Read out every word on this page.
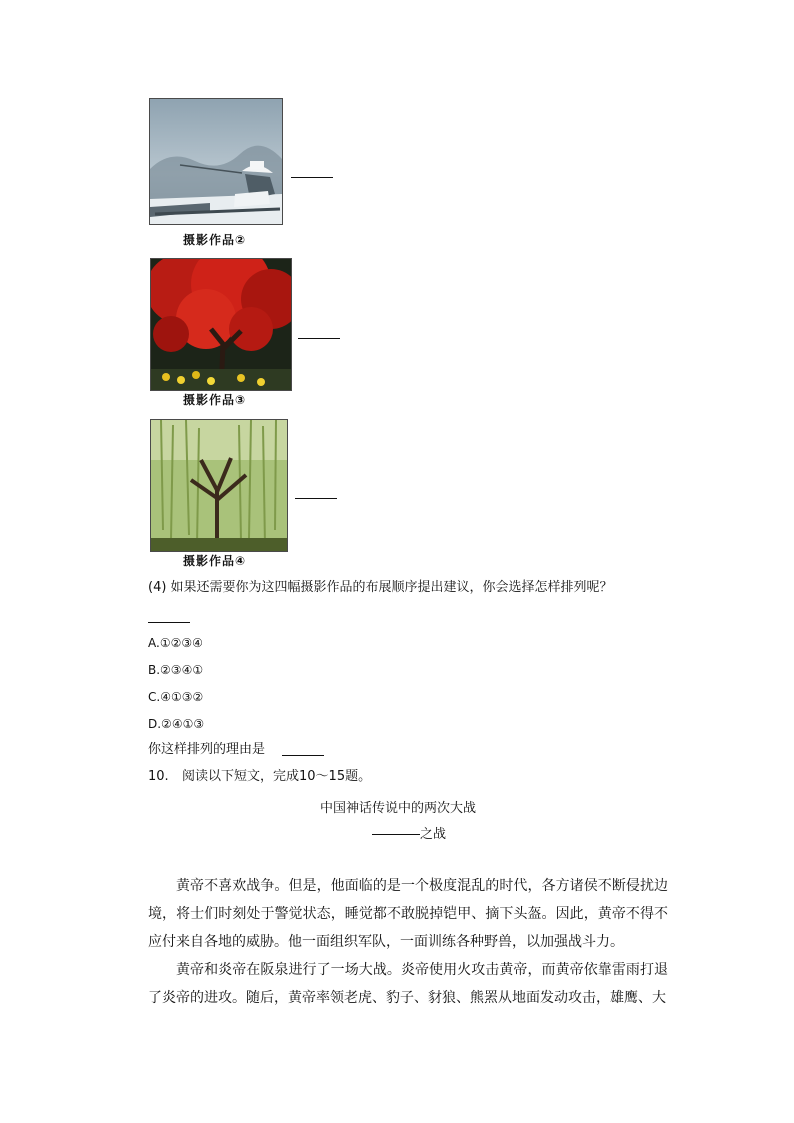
摄影作品②
摄影作品③
摄影作品④
(4) 如果还需要你为这四幅摄影作品的布展顺序提出建议，你会选择怎样排列呢？
A.①②③④
B.②③④①
C.④①③②
D.②④①③
你这样排列的理由是
10. 阅读以下短文，完成10～15题。
中国神话传说中的两次大战
之战
黄帝不喜欢战争。但是，他面临的是一个极度混乱的时代，各方诸侯不断侵扰边境，将士们时刻处于警觉状态，睡觉都不敢脱掉铠甲、摘下头盔。因此，黄帝不得不应付来自各地的威胁。他一面组织军队，一面训练各种野兽，以加强战斗力。
黄帝和炎帝在阪泉进行了一场大战。炎帝使用火攻击黄帝，而黄帝依靠雷雨打退了炎帝的进攻。随后，黄帝率领老虎、豹子、豺狼、熊罴从地面发动攻击，雄鹰、大
